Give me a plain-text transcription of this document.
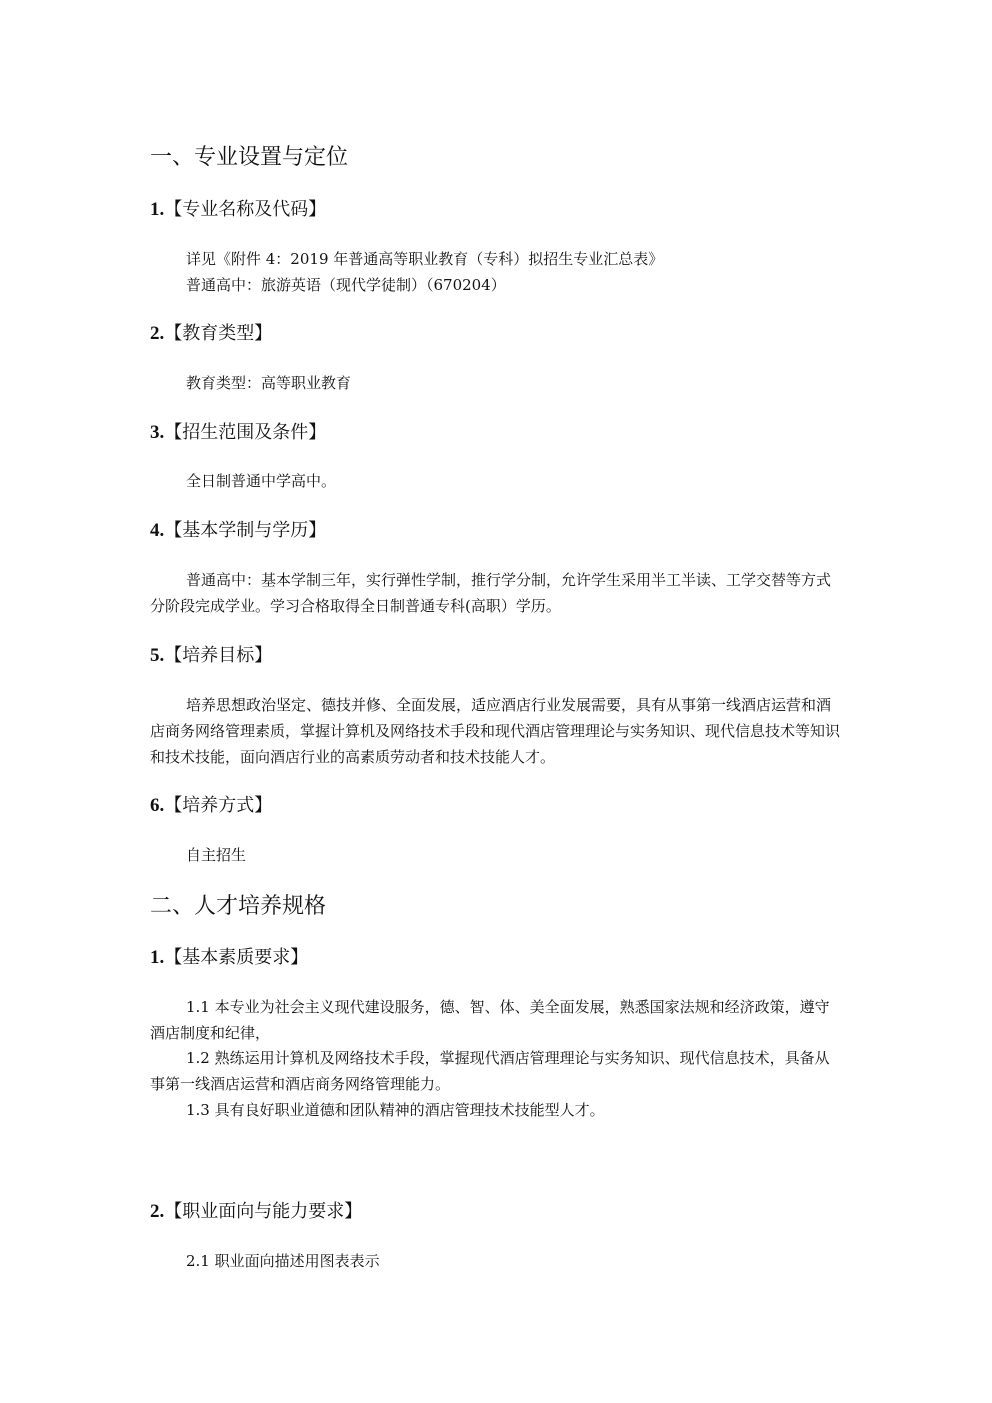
一、专业设置与定位
1.【专业名称及代码】
详见《附件 4：2019 年普通高等职业教育（专科）拟招生专业汇总表》
普通高中：旅游英语（现代学徒制）（670204）
2.【教育类型】
教育类型：高等职业教育
3.【招生范围及条件】
全日制普通中学高中。
4.【基本学制与学历】
普通高中：基本学制三年，实行弹性学制，推行学分制，允许学生采用半工半读、工学交替等方式分阶段完成学业。学习合格取得全日制普通专科(高职）学历。
5.【培养目标】
培养思想政治坚定、德技并修、全面发展，适应酒店行业发展需要，具有从事第一线酒店运营和酒店商务网络管理素质，掌握计算机及网络技术手段和现代酒店管理理论与实务知识、现代信息技术等知识和技术技能，面向酒店行业的高素质劳动者和技术技能人才。
6.【培养方式】
自主招生
二、人才培养规格
1.【基本素质要求】
1.1 本专业为社会主义现代建设服务，德、智、体、美全面发展，熟悉国家法规和经济政策，遵守酒店制度和纪律，
1.2 熟练运用计算机及网络技术手段，掌握现代酒店管理理论与实务知识、现代信息技术，具备从事第一线酒店运营和酒店商务网络管理能力。
1.3 具有良好职业道德和团队精神的酒店管理技术技能型人才。
2.【职业面向与能力要求】
2.1 职业面向描述用图表表示
